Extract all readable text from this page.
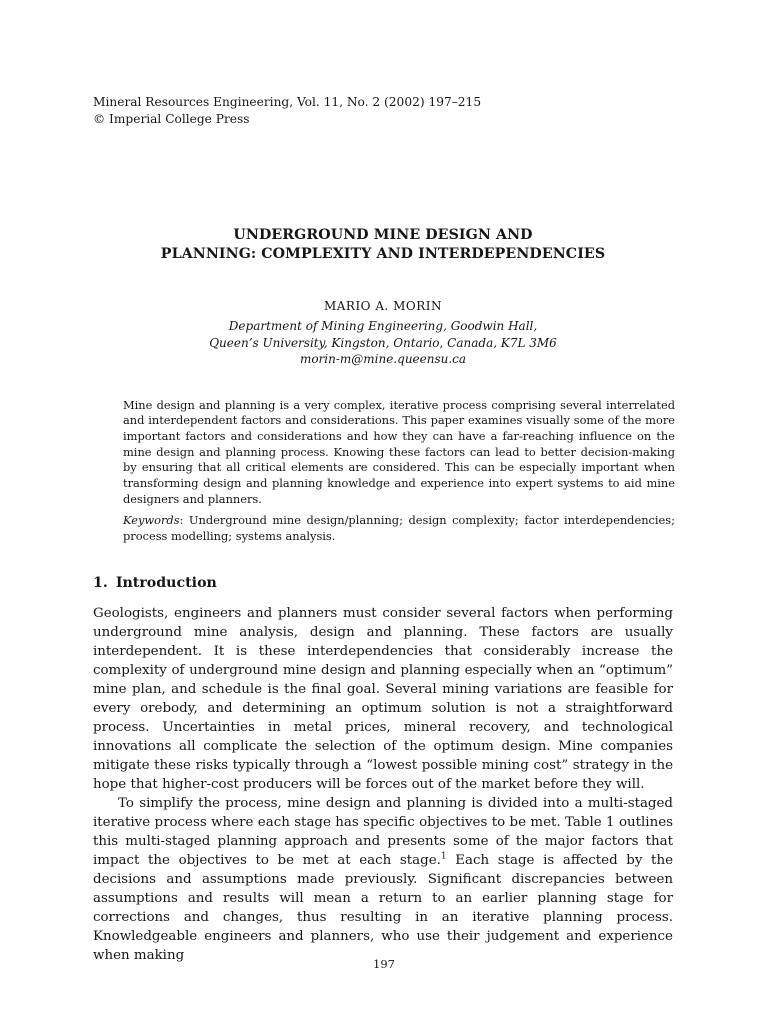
Mineral Resources Engineering, Vol. 11, No. 2 (2002) 197–215
© Imperial College Press
UNDERGROUND MINE DESIGN AND
PLANNING: COMPLEXITY AND INTERDEPENDENCIES
MARIO A. MORIN
Department of Mining Engineering, Goodwin Hall,
Queen’s University, Kingston, Ontario, Canada, K7L 3M6
morin-m@mine.queensu.ca
Mine design and planning is a very complex, iterative process comprising several interrelated and interdependent factors and considerations. This paper examines visually some of the more important factors and considerations and how they can have a far-reaching influence on the mine design and planning process. Knowing these factors can lead to better decision-making by ensuring that all critical elements are considered. This can be especially important when transforming design and planning knowledge and experience into expert systems to aid mine designers and planners.
Keywords: Underground mine design/planning; design complexity; factor interdependencies; process modelling; systems analysis.
1. Introduction

Geologists, engineers and planners must consider several factors when performing underground mine analysis, design and planning. These factors are usually interdependent. It is these interdependencies that considerably increase the complexity of underground mine design and planning especially when an “optimum” mine plan, and schedule is the final goal. Several mining variations are feasible for every orebody, and determining an optimum solution is not a straightforward process. Uncertainties in metal prices, mineral recovery, and technological innovations all complicate the selection of the optimum design. Mine companies mitigate these risks typically through a “lowest possible mining cost” strategy in the hope that higher-cost producers will be forces out of the market before they will.

To simplify the process, mine design and planning is divided into a multi-staged iterative process where each stage has specific objectives to be met. Table 1 outlines this multi-staged planning approach and presents some of the major factors that impact the objectives to be met at each stage.$^1$ Each stage is affected by the decisions and assumptions made previously. Significant discrepancies between assumptions and results will mean a return to an earlier planning stage for corrections and changes, thus resulting in an iterative planning process. Knowledgeable engineers and planners, who use their judgement and experience when making

197
